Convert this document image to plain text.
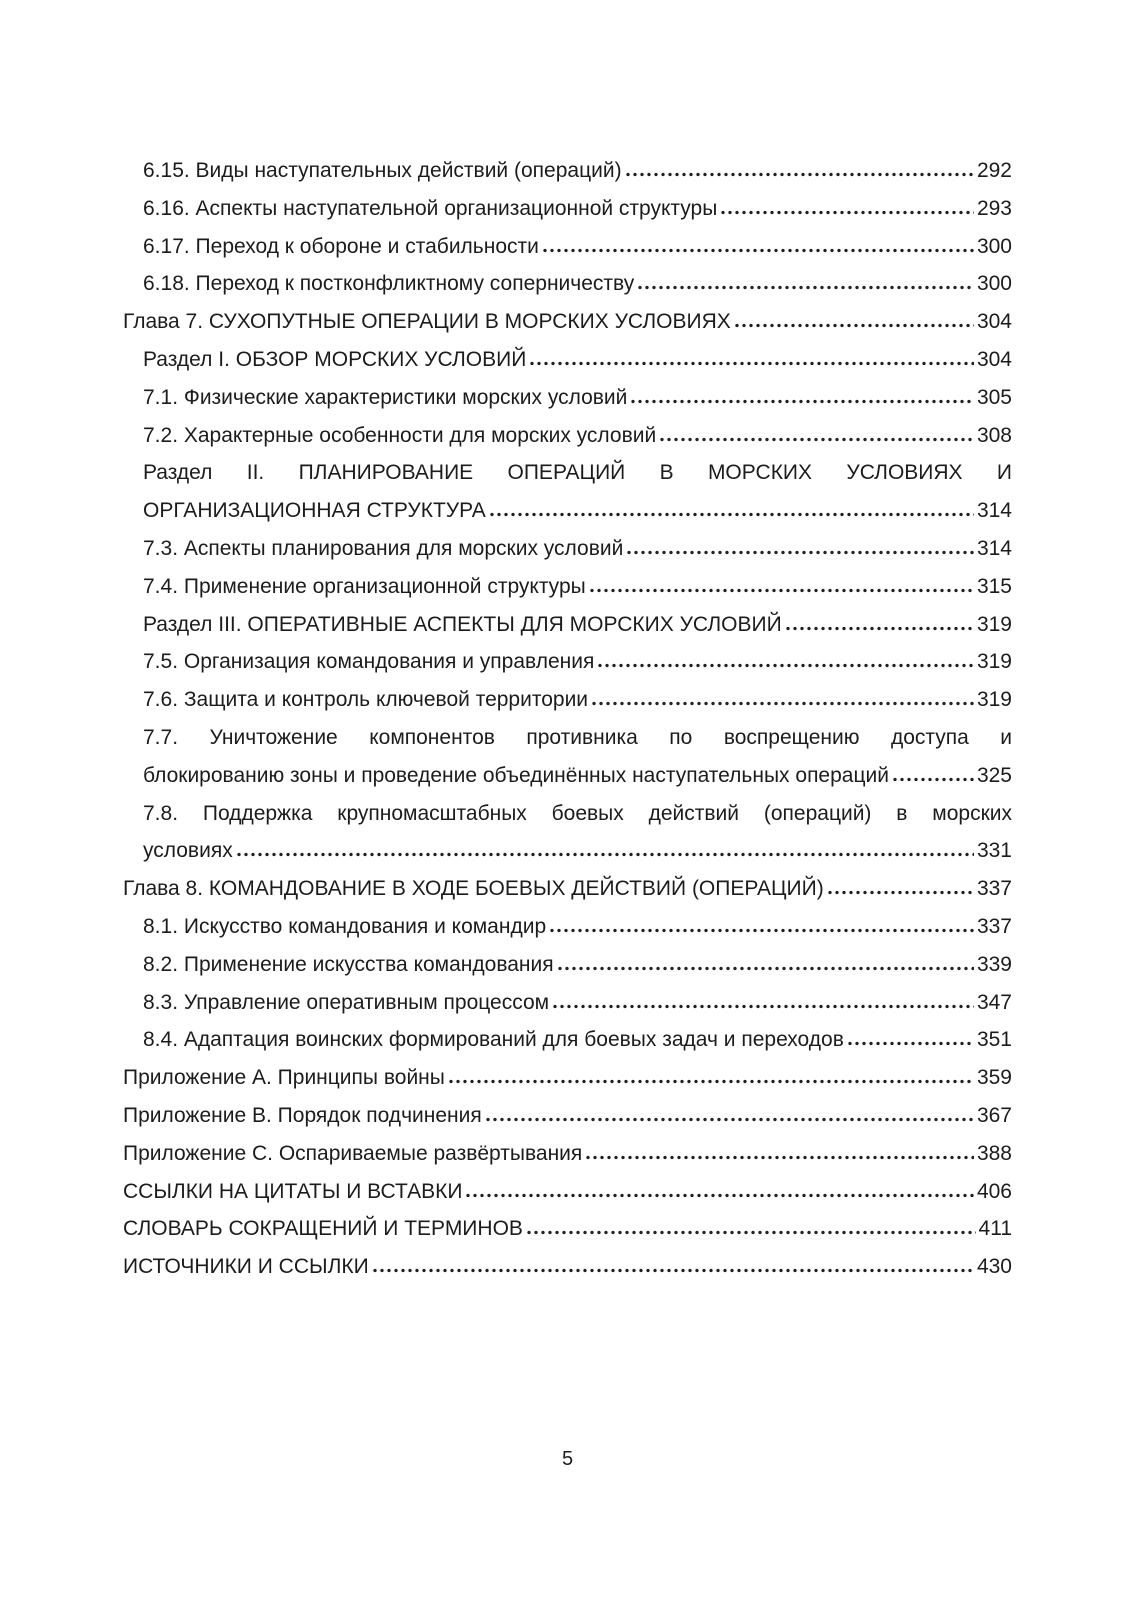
6.15. Виды наступательных действий (операций)	292
6.16. Аспекты наступательной организационной структуры	293
6.17. Переход к обороне и стабильности	300
6.18. Переход к постконфликтному соперничеству	300
Глава 7. СУХОПУТНЫЕ ОПЕРАЦИИ В МОРСКИХ УСЛОВИЯХ	304
Раздел I. ОБЗОР МОРСКИХ УСЛОВИЙ	304
7.1. Физические характеристики морских условий	305
7.2. Характерные особенности для морских условий	308
Раздел II. ПЛАНИРОВАНИЕ ОПЕРАЦИЙ В МОРСКИХ УСЛОВИЯХ И
ОРГАНИЗАЦИОННАЯ СТРУКТУРА	314
7.3. Аспекты планирования для морских условий	314
7.4. Применение организационной структуры	315
Раздел III. ОПЕРАТИВНЫЕ АСПЕКТЫ ДЛЯ МОРСКИХ УСЛОВИЙ	319
7.5. Организация командования и управления	319
7.6. Защита и контроль ключевой территории	319
7.7. Уничтожение компонентов противника по воспрещению доступа и
блокированию зоны и проведение объединённых наступательных операций	325
7.8. Поддержка крупномасштабных боевых действий (операций) в морских
условиях	331
Глава 8. КОМАНДОВАНИЕ В ХОДЕ БОЕВЫХ ДЕЙСТВИЙ (ОПЕРАЦИЙ)	337
8.1. Искусство командования и командир	337
8.2. Применение искусства командования	339
8.3. Управление оперативным процессом	347
8.4. Адаптация воинских формирований для боевых задач и переходов	351
Приложение A. Принципы войны	359
Приложение B. Порядок подчинения	367
Приложение C. Оспариваемые развёртывания	388
ССЫЛКИ НА ЦИТАТЫ И ВСТАВКИ	406
СЛОВАРЬ СОКРАЩЕНИЙ И ТЕРМИНОВ	411
ИСТОЧНИКИ И ССЫЛКИ	430
5
